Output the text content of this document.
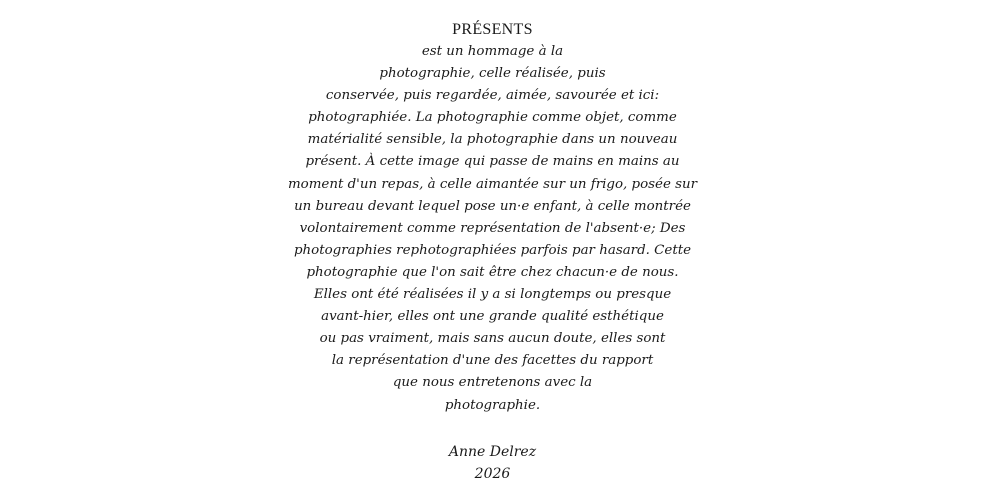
PRÉSENTS
est un hommage à la
photographie, celle réalisée, puis
conservée, puis regardée, aimée, savourée et ici:
photographiée. La photographie comme objet, comme
matérialité sensible, la photographie dans un nouveau
présent. À cette image qui passe de mains en mains au
moment d'un repas, à celle aimantée sur un frigo, posée sur
un bureau devant lequel pose un·e enfant, à celle montrée
volontairement comme représentation de l'absent·e; Des
photographies rephotographiées parfois par hasard. Cette
photographie que l'on sait être chez chacun·e de nous.
Elles ont été réalisées il y a si longtemps ou presque
avant-hier, elles ont une grande qualité esthétique
ou pas vraiment, mais sans aucun doute, elles sont
la représentation d'une des facettes du rapport
que nous entretenons avec la
photographie.
Anne Delrez
2026
